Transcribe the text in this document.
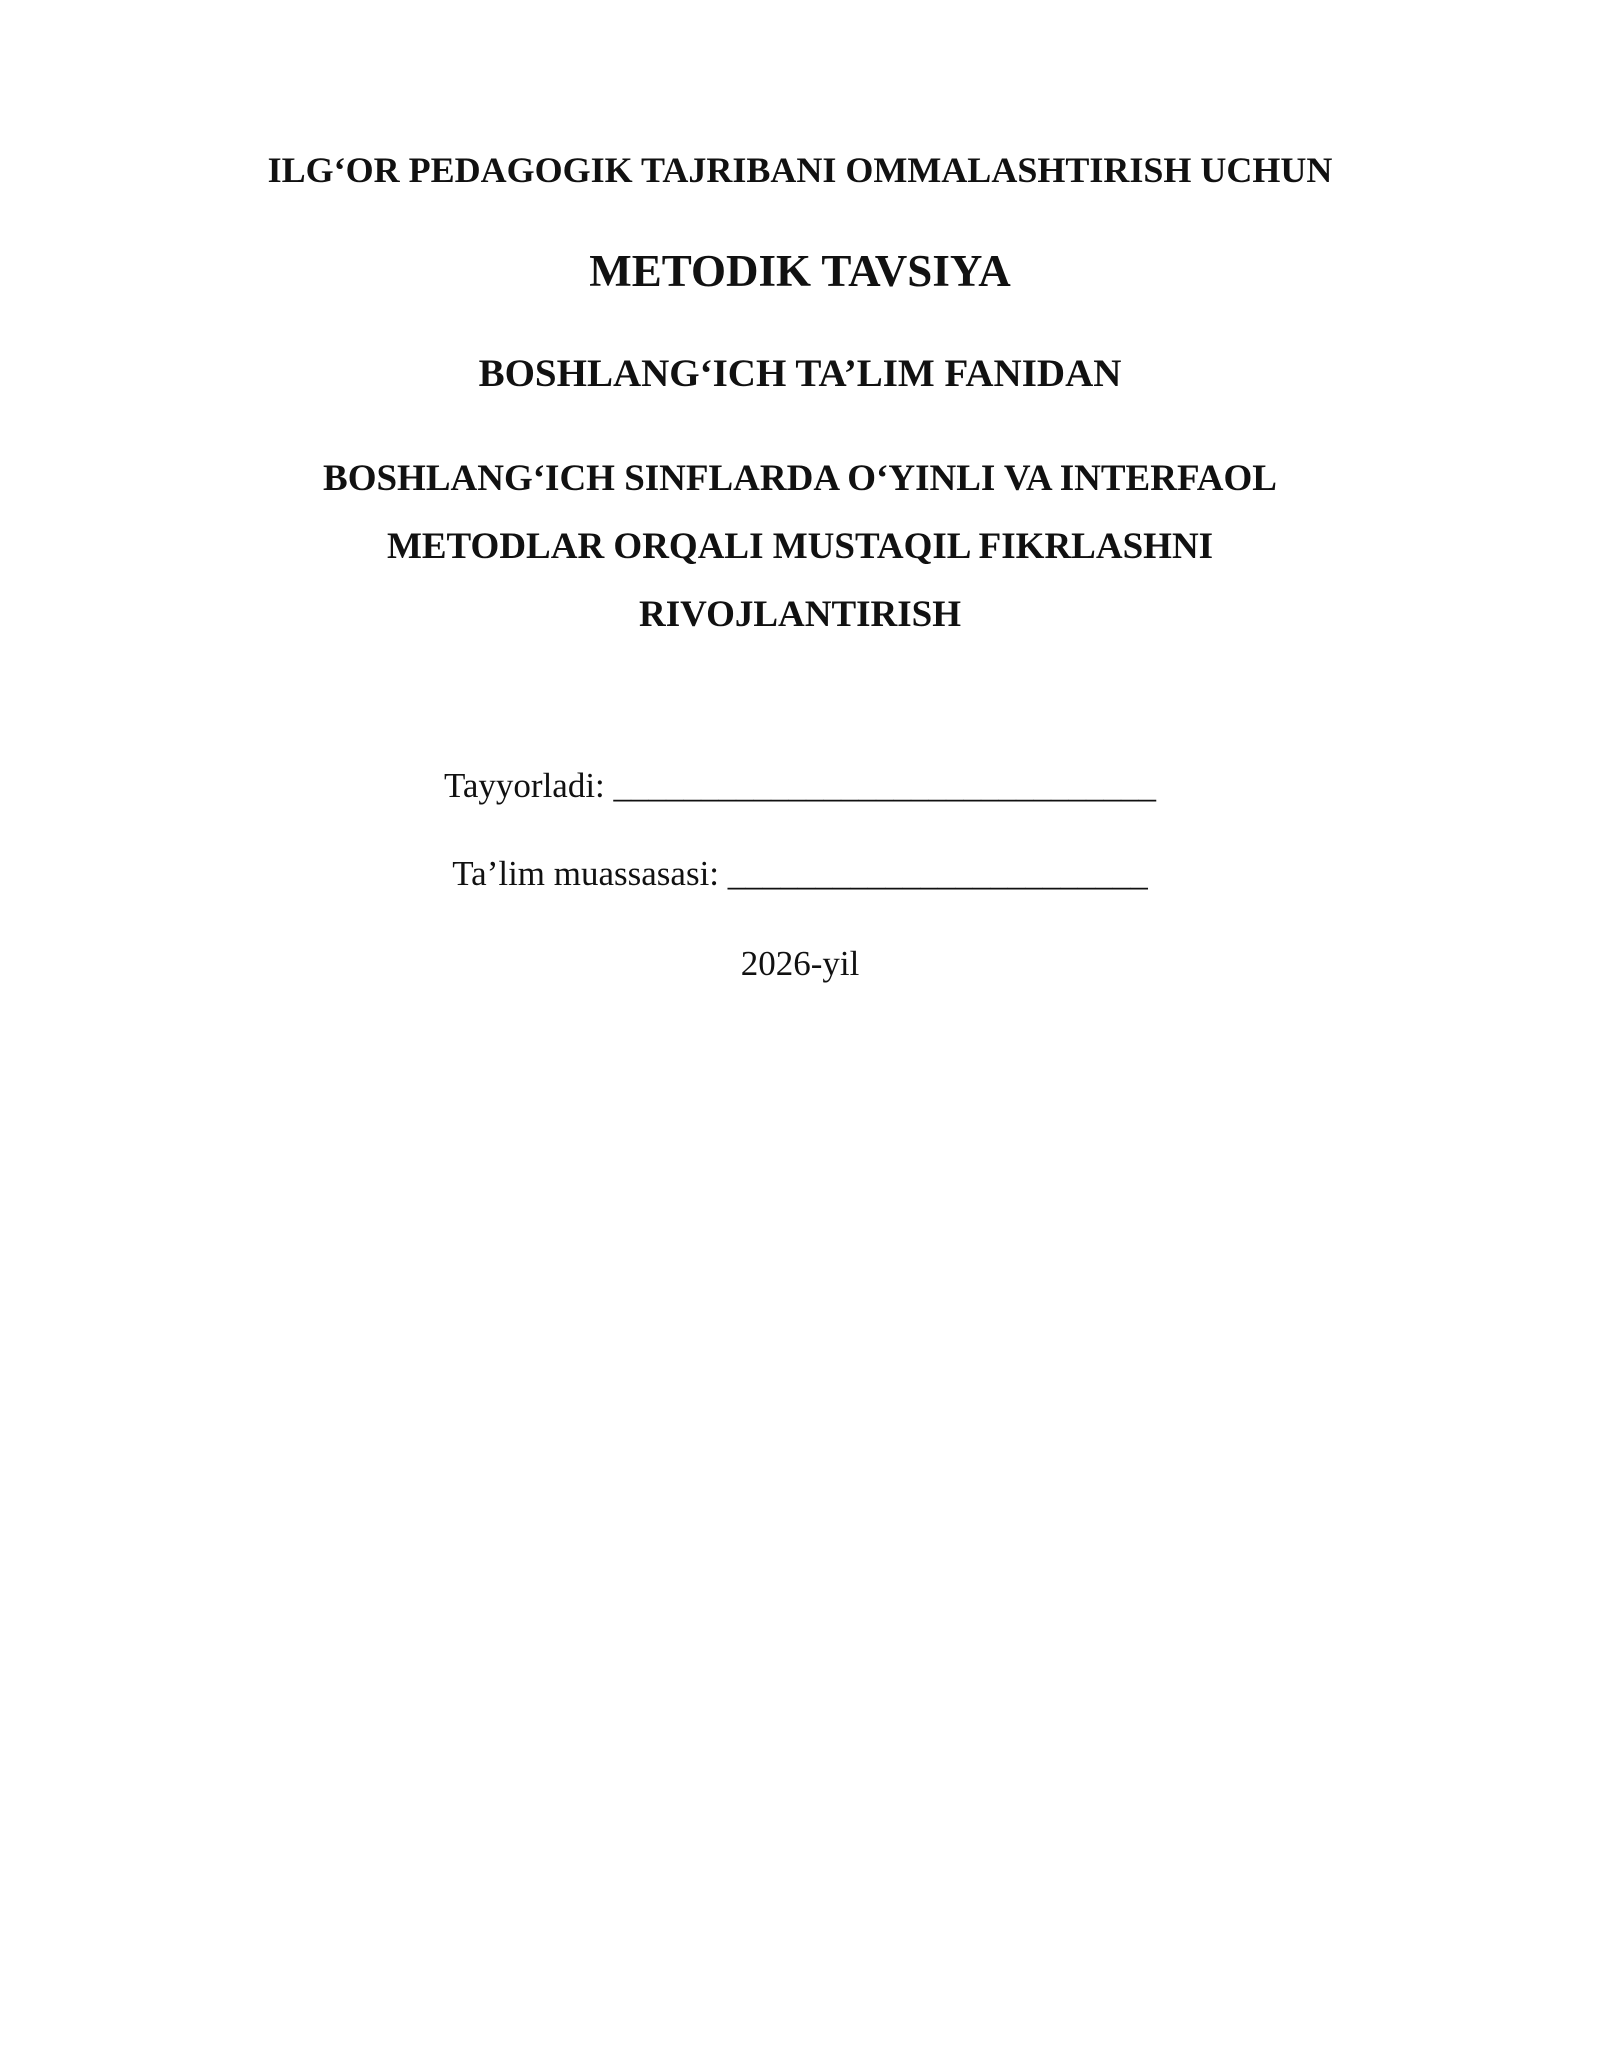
ILG‘OR PEDAGOGIK TAJRIBANI OMMALASHTIRISH UCHUN
METODIK TAVSIYA
BOSHLANG‘ICH TA’LIM FANIDAN
BOSHLANG‘ICH SINFLARDA O‘YINLI VA INTERFAOL
METODLAR ORQALI MUSTAQIL FIKRLASHNI
RIVOJLANTIRISH
Tayyorladi: _______________________________
Ta’lim muassasasi: ________________________
2026-yil
